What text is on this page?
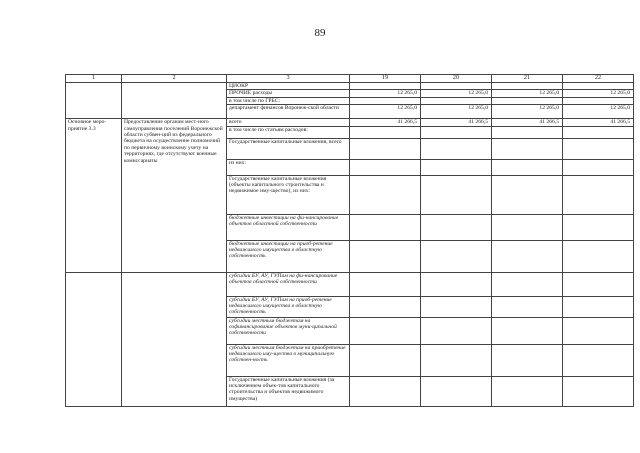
89
1	2	3	19	20	21	22
		ЦИОКР				
		ПРОЧИЕ расходы	12 265,0	12 265,0	12 265,0	12 265,0
		в том числе по ГРБС:				
		департамент финансов Воронеж-ской области	12 265,0	12 265,0	12 265,0	12 265,0
Основное меро-приятие 3.3	Предоставление органам мест-ного самоуправления поселений Воронежской области субвен-ций из федерального бюджета на осуществление полномочий по первичному воинскому учету на территориях, где отсутствуют военные комиссариаты	всего	41 266,5	41 266,5	41 266,5	41 266,5
		в том числе по статьям расходов:				
		Государственные капитальные вложения, всего				
		из них:				
		Государственные капитальные вложения (объекты капитального строительства и недвижимое иму-щество), из них:				
		бюджетные инвестиции на фи-нансирование объектов областной собственности				
		бюджетные инвестиции на приоб-ретение недвижимого имущества в областную собственность				
		субсидии БУ, АУ, ГУПам на фи-нансирование объектов областной собственности				
		субсидии БУ, АУ, ГУПам на приоб-ретение недвижимого имущества в областную собственность				
		субсидии местным бюджетам на софинансирование объектов муни-ципальной собственности				
		субсидии местным бюджетам на приобретение недвижимого иму-щества в муниципальную собствен-ность				
		Государственные капитальные вложения (за исключением объек-тов капитального строительства и объектов недвижимого имущества)				
